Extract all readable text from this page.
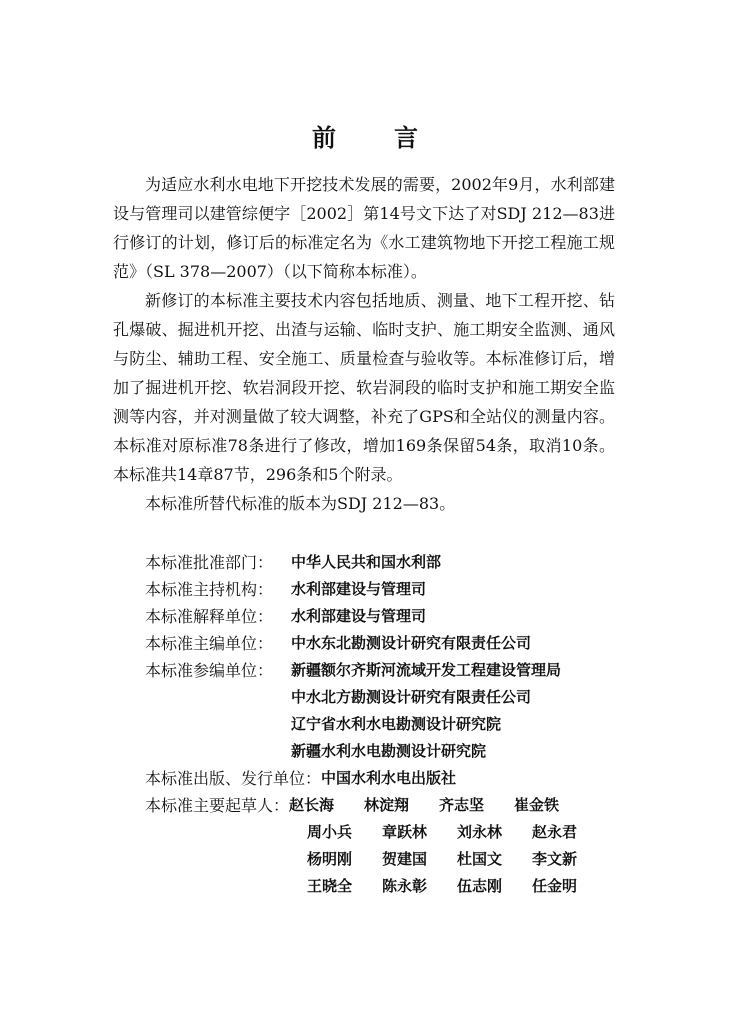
前 言

为适应水利水电地下开挖技术发展的需要，2002年9月，水利部建设与管理司以建管综便字［2002］第14号文下达了对SDJ 212—83进行修订的计划，修订后的标准定名为《水工建筑物地下开挖工程施工规范》（SL 378—2007）（以下简称本标准）。

新修订的本标准主要技术内容包括地质、测量、地下工程开挖、钻孔爆破、掘进机开挖、出渣与运输、临时支护、施工期安全监测、通风与防尘、辅助工程、安全施工、质量检查与验收等。本标准修订后，增加了掘进机开挖、软岩洞段开挖、软岩洞段的临时支护和施工期安全监测等内容，并对测量做了较大调整，补充了GPS和全站仪的测量内容。本标准对原标准78条进行了修改，增加169条保留54条，取消10条。本标准共14章87节，296条和5个附录。

本标准所替代标准的版本为SDJ 212—83。

本标准批准部门：	中华人民共和国水利部
本标准主持机构：	水利部建设与管理司
本标准解释单位：	水利部建设与管理司
本标准主编单位：	中水东北勘测设计研究有限责任公司
本标准参编单位：	新疆额尔齐斯河流域开发工程建设管理局
中水北方勘测设计研究有限责任公司
辽宁省水利水电勘测设计研究院
新疆水利水电勘测设计研究院
本标准出版、发行单位： 中国水利水电出版社
本标准主要起草人： 赵长海	林淀翔	齐志坚	崔金铁
周小兵	章跃林	刘永林	赵永君
杨明刚	贺建国	杜国文	李文新
王晓全	陈永彰	伍志刚	任金明
